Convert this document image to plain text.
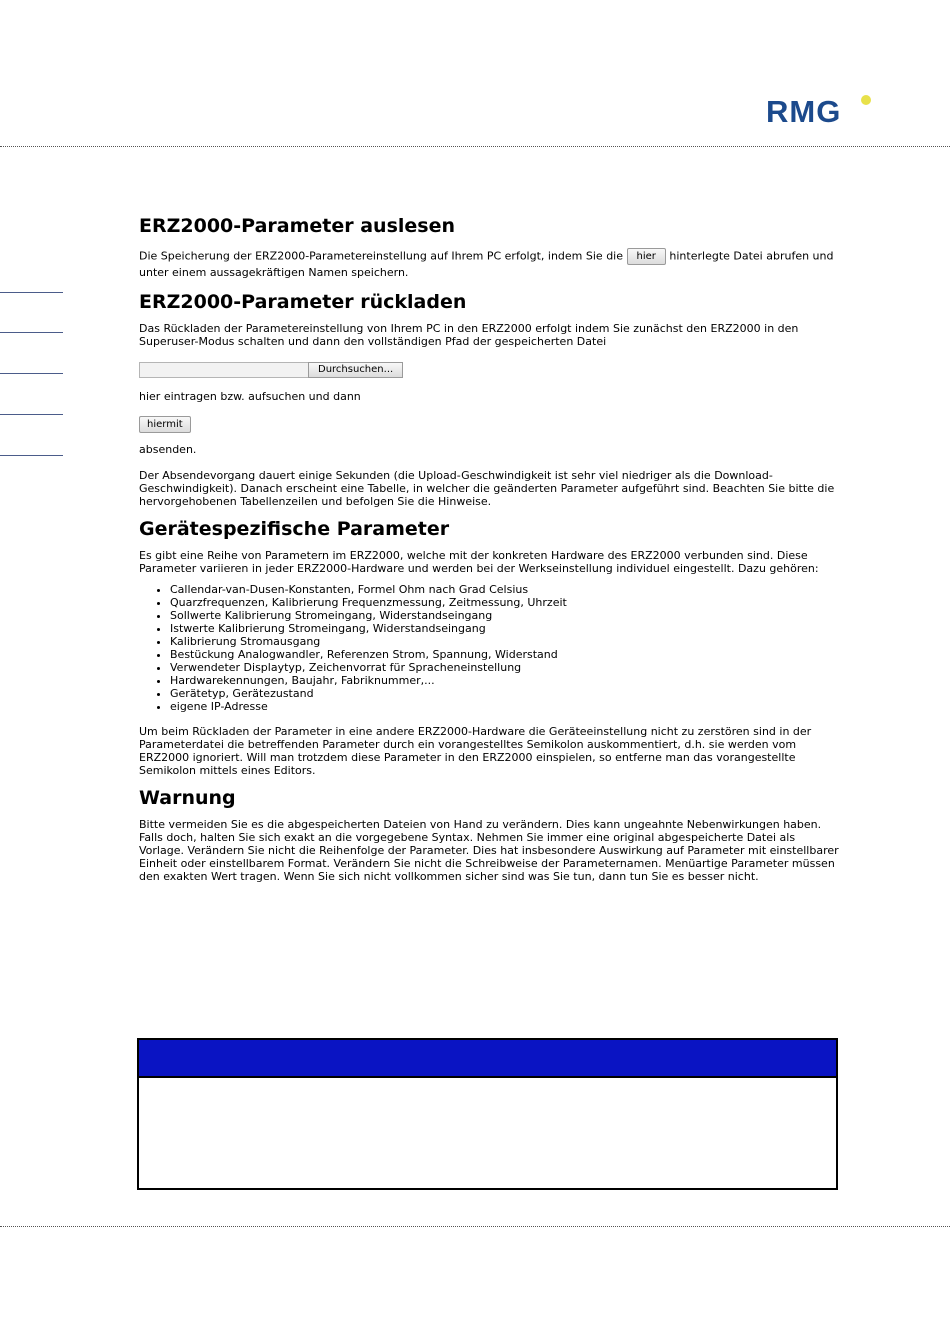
RMG
ERZ2000-Parameter auslesen

Die Speicherung der ERZ2000-Parametereinstellung auf Ihrem PC erfolgt, indem Sie die hier hinterlegte Datei abrufen und unter einem aussagekräftigen Namen speichern.

ERZ2000-Parameter rückladen

Das Rückladen der Parametereinstellung von Ihrem PC in den ERZ2000 erfolgt indem Sie zunächst den ERZ2000 in den Superuser-Modus schalten und dann den vollständigen Pfad der gespeicherten Datei

Durchsuchen...

hier eintragen bzw. aufsuchen und dann

hiermit

absenden.

Der Absendevorgang dauert einige Sekunden (die Upload-Geschwindigkeit ist sehr viel niedriger als die Download-Geschwindigkeit). Danach erscheint eine Tabelle, in welcher die geänderten Parameter aufgeführt sind. Beachten Sie bitte die hervorgehobenen Tabellenzeilen und befolgen Sie die Hinweise.

Gerätespezifische Parameter

Es gibt eine Reihe von Parametern im ERZ2000, welche mit der konkreten Hardware des ERZ2000 verbunden sind. Diese Parameter variieren in jeder ERZ2000-Hardware und werden bei der Werkseinstellung individuel eingestellt. Dazu gehören:

• Callendar-van-Dusen-Konstanten, Formel Ohm nach Grad Celsius
• Quarzfrequenzen, Kalibrierung Frequenzmessung, Zeitmessung, Uhrzeit
• Sollwerte Kalibrierung Stromeingang, Widerstandseingang
• Istwerte Kalibrierung Stromeingang, Widerstandseingang
• Kalibrierung Stromausgang
• Bestückung Analogwandler, Referenzen Strom, Spannung, Widerstand
• Verwendeter Displaytyp, Zeichenvorrat für Spracheneinstellung
• Hardwarekennungen, Baujahr, Fabriknummer,...
• Gerätetyp, Gerätezustand
• eigene IP-Adresse

Um beim Rückladen der Parameter in eine andere ERZ2000-Hardware die Geräteeinstellung nicht zu zerstören sind in der Parameterdatei die betreffenden Parameter durch ein vorangestelltes Semikolon auskommentiert, d.h. sie werden vom ERZ2000 ignoriert. Will man trotzdem diese Parameter in den ERZ2000 einspielen, so entferne man das vorangestellte Semikolon mittels eines Editors.

Warnung

Bitte vermeiden Sie es die abgespeicherten Dateien von Hand zu verändern. Dies kann ungeahnte Nebenwirkungen haben. Falls doch, halten Sie sich exakt an die vorgegebene Syntax. Nehmen Sie immer eine original abgespeicherte Datei als Vorlage. Verändern Sie nicht die Reihenfolge der Parameter. Dies hat insbesondere Auswirkung auf Parameter mit einstellbarer Einheit oder einstellbarem Format. Verändern Sie nicht die Schreibweise der Parameternamen. Menüartige Parameter müssen den exakten Wert tragen. Wenn Sie sich nicht vollkommen sicher sind was Sie tun, dann tun Sie es besser nicht.
